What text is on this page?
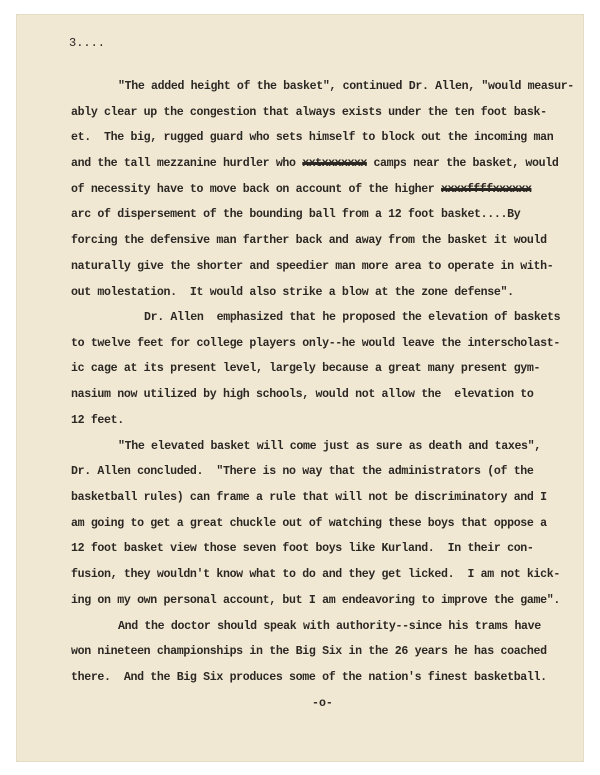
3....
"The added height of the basket", continued Dr. Allen, "would measur-
ably clear up the congestion that always exists under the ten foot bask-
et.  The big, rugged guard who sets himself to block out the incoming man
and the tall mezzanine hurdler who xxtxxxxxxx camps near the basket, would
of necessity have to move back on account of the higher xxxxffffxxxxxx
arc of dispersement of the bounding ball from a 12 foot basket....By
forcing the defensive man farther back and away from the basket it would
naturally give the shorter and speedier man more area to operate in with-
out molestation.  It would also strike a blow at the zone defense".
Dr. Allen  emphasized that he proposed the elevation of baskets
to twelve feet for college players only--he would leave the interscholast-
ic cage at its present level, largely because a great many present gym-
nasium now utilized by high schools, would not allow the  elevation to
12 feet.
"The elevated basket will come just as sure as death and taxes",
Dr. Allen concluded.  "There is no way that the administrators (of the
basketball rules) can frame a rule that will not be discriminatory and I
am going to get a great chuckle out of watching these boys that oppose a
12 foot basket view those seven foot boys like Kurland.  In their con-
fusion, they wouldn't know what to do and they get licked.  I am not kick-
ing on my own personal account, but I am endeavoring to improve the game".
And the doctor should speak with authority--since his trams have
won nineteen championships in the Big Six in the 26 years he has coached
there.  And the Big Six produces some of the nation's finest basketball.
-o-
